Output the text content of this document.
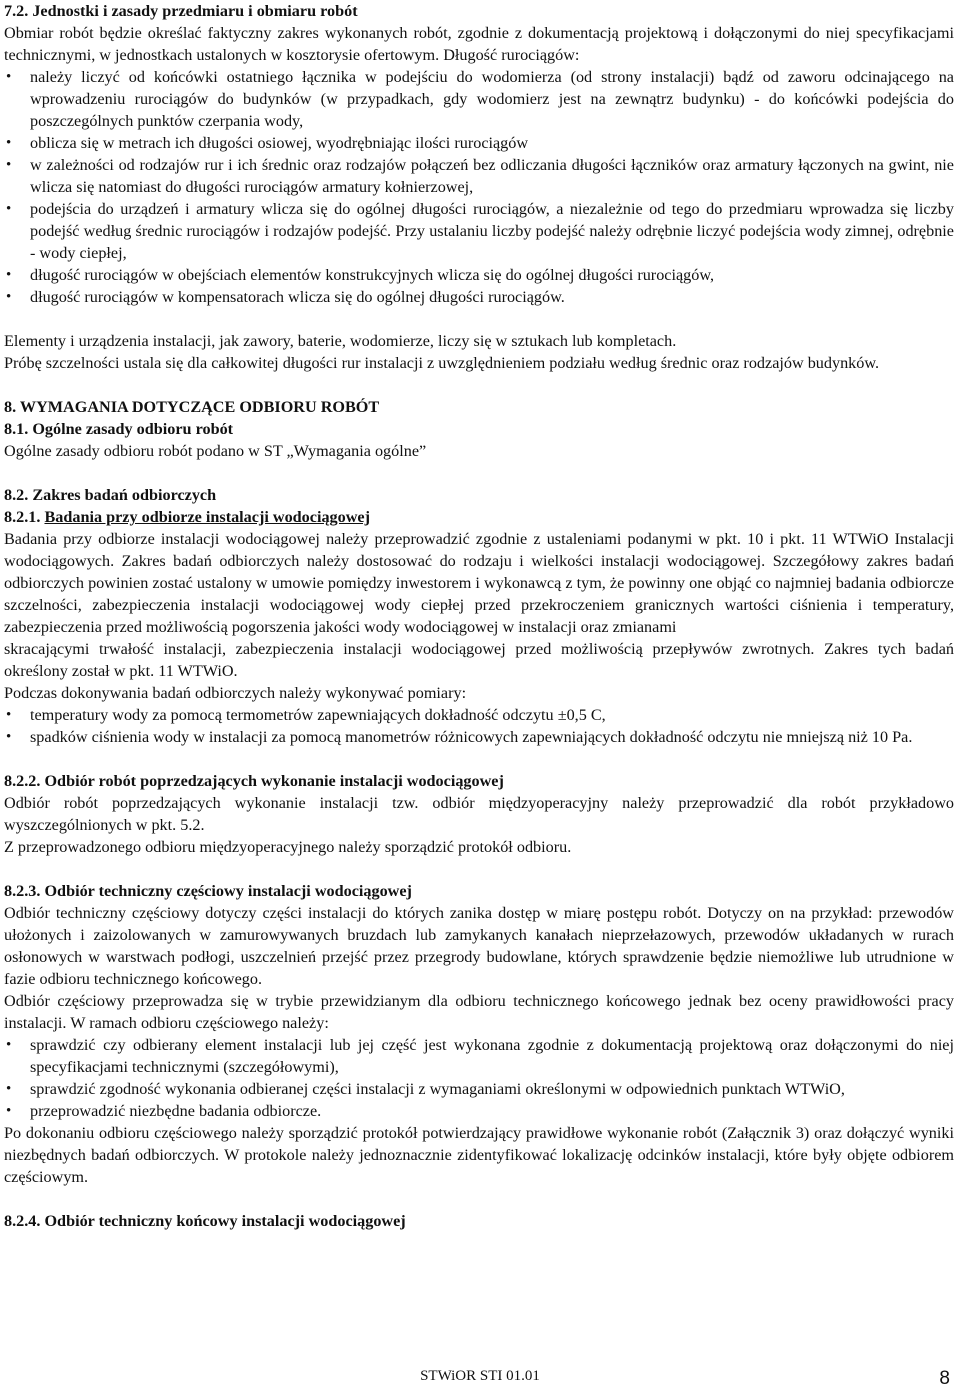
7.2. Jednostki i zasady przedmiaru i obmiaru robót

Obmiar robót będzie określać faktyczny zakres wykonanych robót, zgodnie z dokumentacją projektową i dołączonymi do niej specyfikacjami technicznymi, w jednostkach ustalonych w kosztorysie ofertowym. Długość rurociągów:

• należy liczyć od końcówki ostatniego łącznika w podejściu do wodomierza (od strony instalacji) bądź od zaworu odcinającego na wprowadzeniu rurociągów do budynków (w przypadkach, gdy wodomierz jest na zewnątrz budynku) - do końcówki podejścia do poszczególnych punktów czerpania wody,
• oblicza się w metrach ich długości osiowej, wyodrębniając ilości rurociągów
• w zależności od rodzajów rur i ich średnic oraz rodzajów połączeń bez odliczania długości łączników oraz armatury łączonych na gwint, nie wlicza się natomiast do długości rurociągów armatury kołnierzowej,
• podejścia do urządzeń i armatury wlicza się do ogólnej długości rurociągów, a niezależnie od tego do przedmiaru wprowadza się liczby podejść według średnic rurociągów i rodzajów podejść. Przy ustalaniu liczby podejść należy odrębnie liczyć podejścia wody zimnej, odrębnie - wody ciepłej,
• długość rurociągów w obejściach elementów konstrukcyjnych wlicza się do ogólnej długości rurociągów,
• długość rurociągów w kompensatorach wlicza się do ogólnej długości rurociągów.

Elementy i urządzenia instalacji, jak zawory, baterie, wodomierze, liczy się w sztukach lub kompletach.

Próbę szczelności ustala się dla całkowitej długości rur instalacji z uwzględnieniem podziału według średnic oraz rodzajów budynków.

8. WYMAGANIA DOTYCZĄCE ODBIORU ROBÓT

8.1. Ogólne zasady odbioru robót

Ogólne zasady odbioru robót podano w ST „Wymagania ogólne”

8.2. Zakres badań odbiorczych

8.2.1. Badania przy odbiorze instalacji wodociągowej

Badania przy odbiorze instalacji wodociągowej należy przeprowadzić zgodnie z ustaleniami podanymi w pkt. 10 i pkt. 11 WTWiO Instalacji wodociągowych. Zakres badań odbiorczych należy dostosować do rodzaju i wielkości instalacji wodociągowej. Szczegółowy zakres badań odbiorczych powinien zostać ustalony w umowie pomiędzy inwestorem i wykonawcą z tym, że powinny one objąć co najmniej badania odbiorcze szczelności, zabezpieczenia instalacji wodociągowej wody ciepłej przed przekroczeniem granicznych wartości ciśnienia i temperatury, zabezpieczenia przed możliwością pogorszenia jakości wody wodociągowej w instalacji oraz zmianami

skracającymi trwałość instalacji, zabezpieczenia instalacji wodociągowej przed możliwością przepływów zwrotnych. Zakres tych badań określony został w pkt. 11 WTWiO.

Podczas dokonywania badań odbiorczych należy wykonywać pomiary:

• temperatury wody za pomocą termometrów zapewniających dokładność odczytu ±0,5 C,
• spadków ciśnienia wody w instalacji za pomocą manometrów różnicowych zapewniających dokładność odczytu nie mniejszą niż 10 Pa.

8.2.2. Odbiór robót poprzedzających wykonanie instalacji wodociągowej

Odbiór robót poprzedzających wykonanie instalacji tzw. odbiór międzyoperacyjny należy przeprowadzić dla robót przykładowo wyszczególnionych w pkt. 5.2.

Z przeprowadzonego odbioru międzyoperacyjnego należy sporządzić protokół odbioru.

8.2.3. Odbiór techniczny częściowy instalacji wodociągowej

Odbiór techniczny częściowy dotyczy części instalacji do których zanika dostęp w miarę postępu robót. Dotyczy on na przykład: przewodów ułożonych i zaizolowanych w zamurowywanych bruzdach lub zamykanych kanałach nieprzełazowych, przewodów układanych w rurach osłonowych w warstwach podłogi, uszczelnień przejść przez przegrody budowlane, których sprawdzenie będzie niemożliwe lub utrudnione w fazie odbioru technicznego końcowego.

Odbiór częściowy przeprowadza się w trybie przewidzianym dla odbioru technicznego końcowego jednak bez oceny prawidłowości pracy instalacji. W ramach odbioru częściowego należy:

• sprawdzić czy odbierany element instalacji lub jej część jest wykonana zgodnie z dokumentacją projektową oraz dołączonymi do niej specyfikacjami technicznymi (szczegółowymi),
• sprawdzić zgodność wykonania odbieranej części instalacji z wymaganiami określonymi w odpowiednich punktach WTWiO,
• przeprowadzić niezbędne badania odbiorcze.

Po dokonaniu odbioru częściowego należy sporządzić protokół potwierdzający prawidłowe wykonanie robót (Załącznik 3) oraz dołączyć wyniki niezbędnych badań odbiorczych. W protokole należy jednoznacznie zidentyfikować lokalizację odcinków instalacji, które były objęte odbiorem częściowym.

8.2.4. Odbiór techniczny końcowy instalacji wodociągowej

STWiOR STI 01.01	8
